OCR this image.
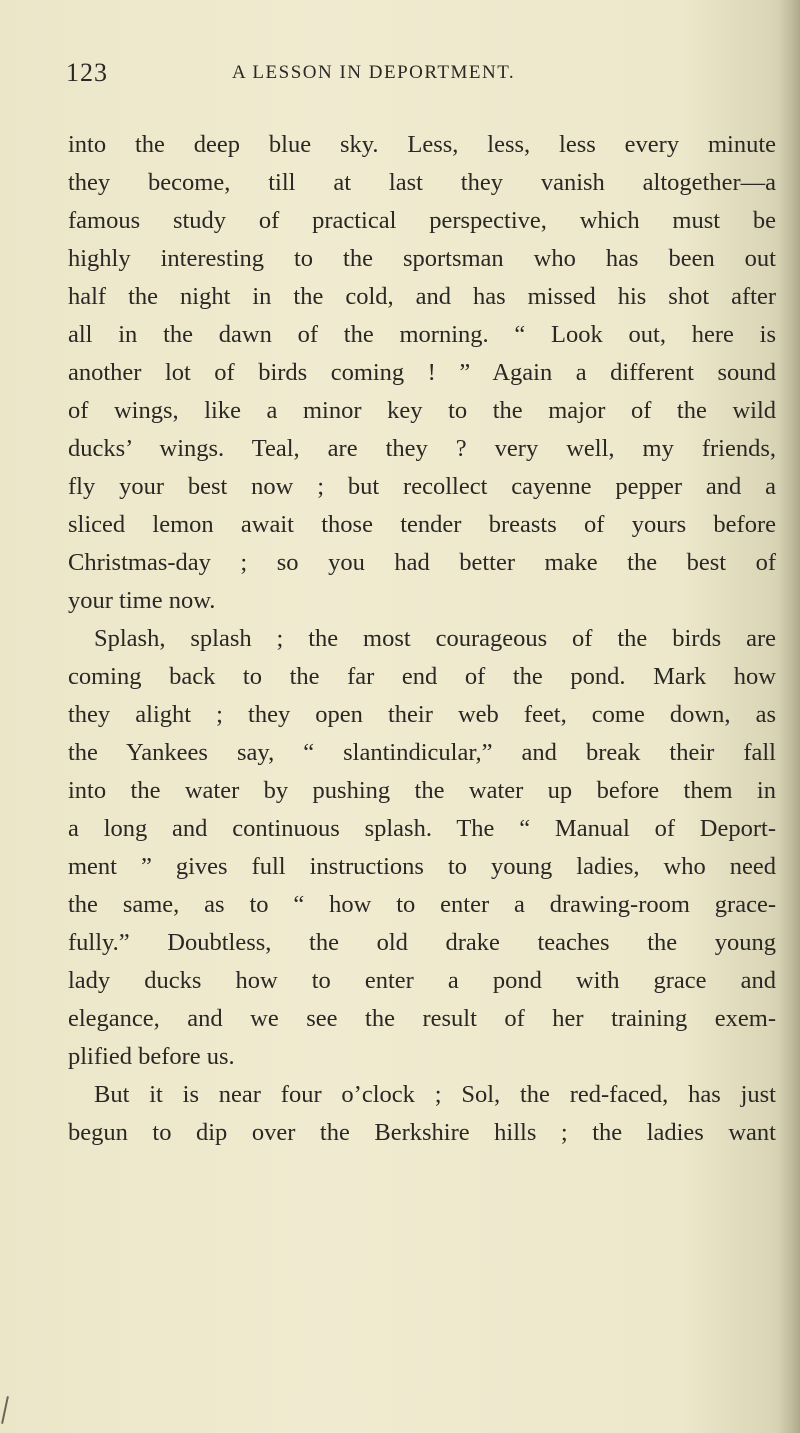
123	A LESSON IN DEPORTMENT.
into the deep blue sky. Less, less, less every minute
they become, till at last they vanish altogether—a
famous study of practical perspective, which must be
highly interesting to the sportsman who has been out
half the night in the cold, and has missed his shot after
all in the dawn of the morning. “ Look out, here is
another lot of birds coming ! ” Again a different sound
of wings, like a minor key to the major of the wild
ducks’ wings. Teal, are they ? very well, my friends,
fly your best now ; but recollect cayenne pepper and a
sliced lemon await those tender breasts of yours before
Christmas-day ; so you had better make the best of
your time now.
Splash, splash ; the most courageous of the birds are
coming back to the far end of the pond. Mark how
they alight ; they open their web feet, come down, as
the Yankees say, “ slantindicular,” and break their fall
into the water by pushing the water up before them in
a long and continuous splash. The “ Manual of Deport-
ment ” gives full instructions to young ladies, who need
the same, as to “ how to enter a drawing-room grace-
fully.” Doubtless, the old drake teaches the young
lady ducks how to enter a pond with grace and
elegance, and we see the result of her training exem-
plified before us.
But it is near four o’clock ; Sol, the red-faced, has just
begun to dip over the Berkshire hills ; the ladies want
